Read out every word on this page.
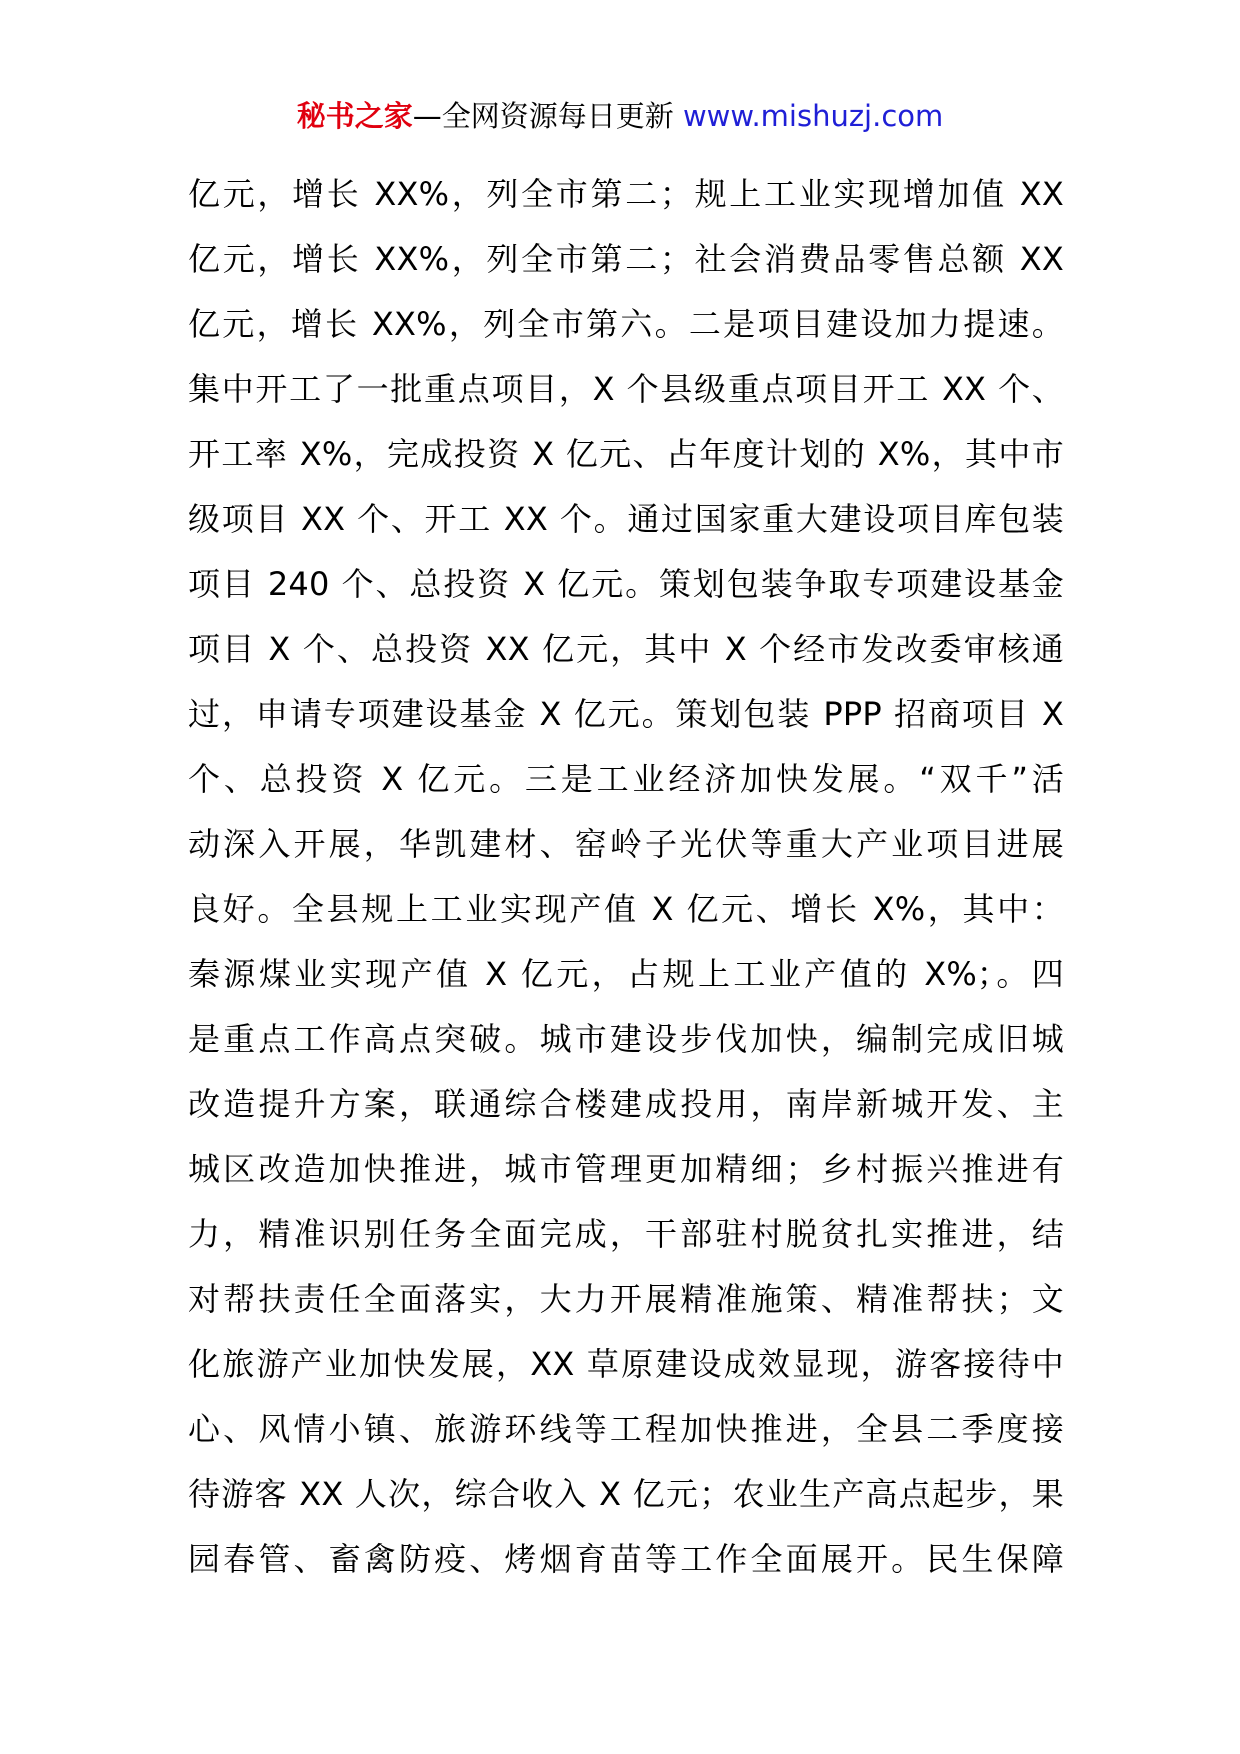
秘书之家—全网资源每日更新 www.mishuzj.com
亿元，增长 XX%，列全市第二；规上工业实现增加值 XX
亿元，增长 XX%，列全市第二；社会消费品零售总额 XX
亿元，增长 XX%，列全市第六。二是项目建设加力提速。
集中开工了一批重点项目，X 个县级重点项目开工 XX 个、
开工率 X%，完成投资 X 亿元、占年度计划的 X%，其中市
级项目 XX 个、开工 XX 个。通过国家重大建设项目库包装
项目 240 个、总投资 X 亿元。策划包装争取专项建设基金
项目 X 个、总投资 XX 亿元，其中 X 个经市发改委审核通
过，申请专项建设基金 X 亿元。策划包装 PPP 招商项目 X
个、总投资 X 亿元。三是工业经济加快发展。“双千”活
动深入开展，华凯建材、窑岭子光伏等重大产业项目进展
良好。全县规上工业实现产值 X 亿元、增长 X%，其中：
秦源煤业实现产值 X 亿元，占规上工业产值的 X%；。四
是重点工作高点突破。城市建设步伐加快，编制完成旧城
改造提升方案，联通综合楼建成投用，南岸新城开发、主
城区改造加快推进，城市管理更加精细；乡村振兴推进有
力，精准识别任务全面完成，干部驻村脱贫扎实推进，结
对帮扶责任全面落实，大力开展精准施策、精准帮扶；文
化旅游产业加快发展，XX 草原建设成效显现，游客接待中
心、风情小镇、旅游环线等工程加快推进，全县二季度接
待游客 XX 人次，综合收入 X 亿元；农业生产高点起步，果
园春管、畜禽防疫、烤烟育苗等工作全面展开。民生保障
